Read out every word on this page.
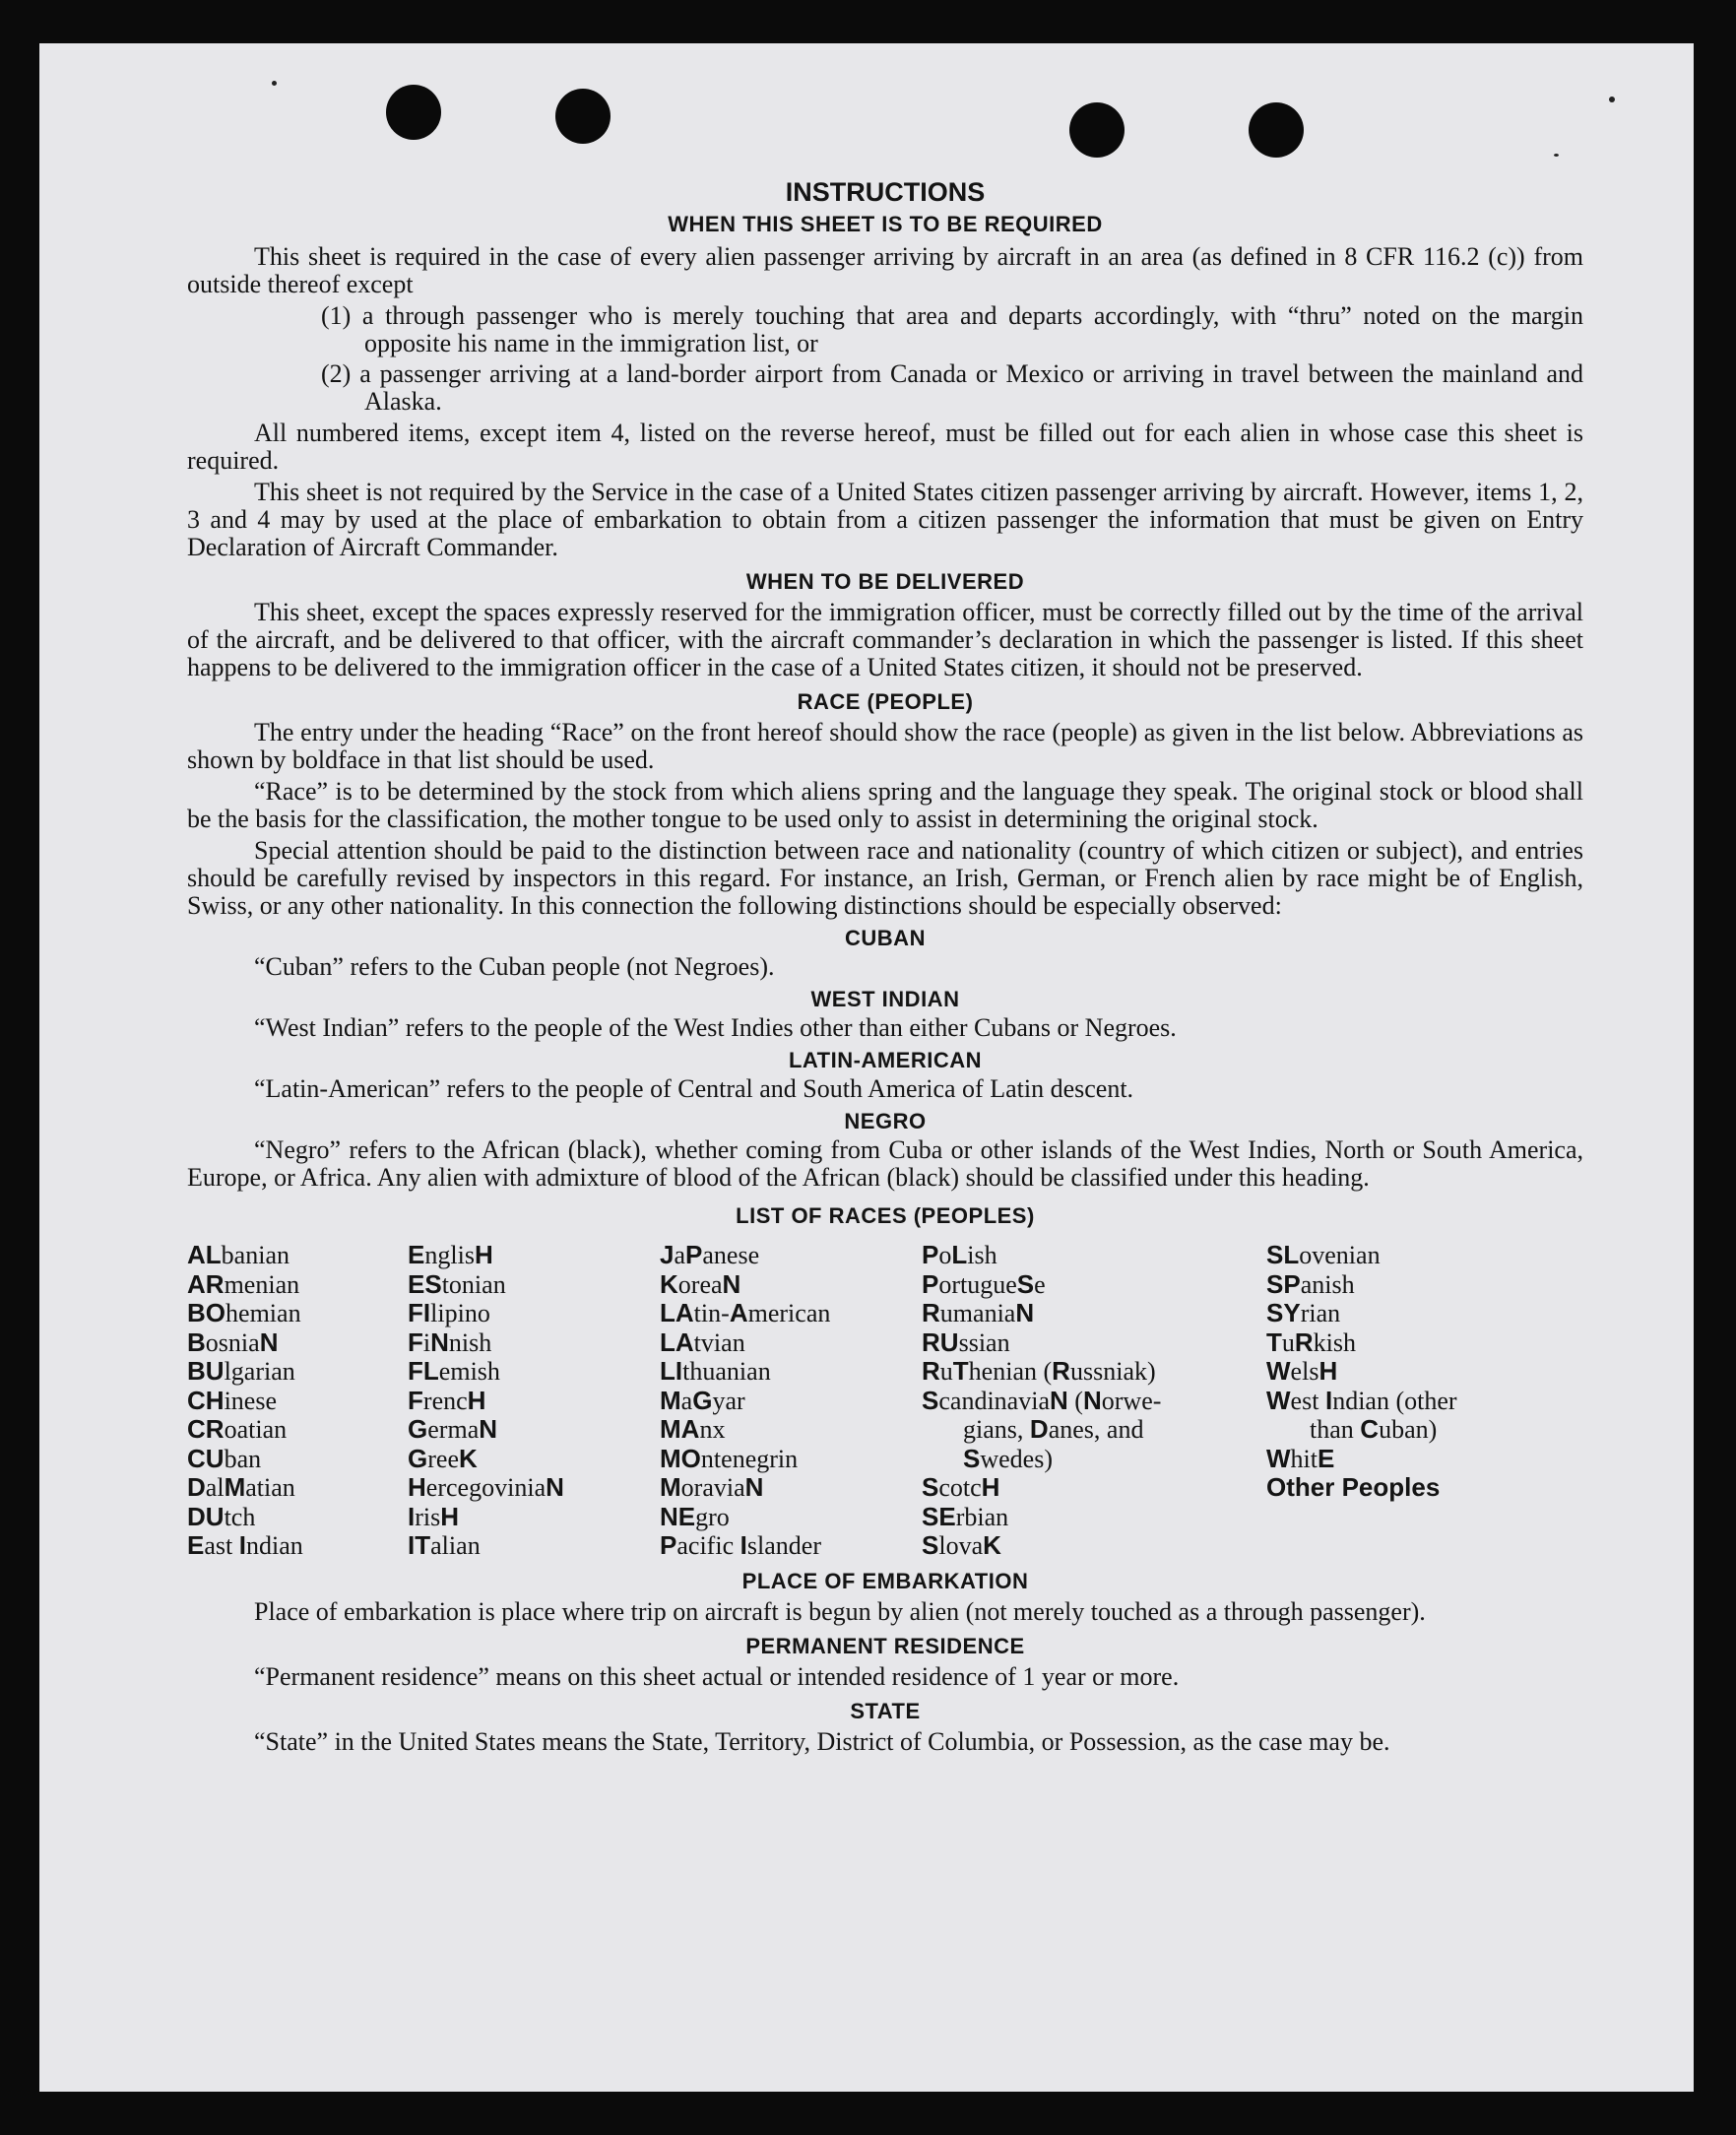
INSTRUCTIONS
WHEN THIS SHEET IS TO BE REQUIRED
This sheet is required in the case of every alien passenger arriving by aircraft in an area (as defined in 8 CFR 116.2 (c)) from outside thereof except
(1) a through passenger who is merely touching that area and departs accordingly, with “thru” noted on the margin opposite his name in the immigration list, or
(2) a passenger arriving at a land-border airport from Canada or Mexico or arriving in travel between the mainland and Alaska.
All numbered items, except item 4, listed on the reverse hereof, must be filled out for each alien in whose case this sheet is required.
This sheet is not required by the Service in the case of a United States citizen passenger arriving by aircraft. However, items 1, 2, 3 and 4 may by used at the place of embarkation to obtain from a citizen passenger the information that must be given on Entry Declaration of Aircraft Commander.
WHEN TO BE DELIVERED
This sheet, except the spaces expressly reserved for the immigration officer, must be correctly filled out by the time of the arrival of the aircraft, and be delivered to that officer, with the aircraft commander’s declaration in which the passenger is listed. If this sheet happens to be delivered to the immigration officer in the case of a United States citizen, it should not be preserved.
RACE (PEOPLE)
The entry under the heading “Race” on the front hereof should show the race (people) as given in the list below. Abbreviations as shown by boldface in that list should be used.
“Race” is to be determined by the stock from which aliens spring and the language they speak. The original stock or blood shall be the basis for the classification, the mother tongue to be used only to assist in determining the original stock.
Special attention should be paid to the distinction between race and nationality (country of which citizen or subject), and entries should be carefully revised by inspectors in this regard. For instance, an Irish, German, or French alien by race might be of English, Swiss, or any other nationality. In this connection the following distinctions should be especially observed:
CUBAN
“Cuban” refers to the Cuban people (not Negroes).
WEST INDIAN
“West Indian” refers to the people of the West Indies other than either Cubans or Negroes.
LATIN-AMERICAN
“Latin-American” refers to the people of Central and South America of Latin descent.
NEGRO
“Negro” refers to the African (black), whether coming from Cuba or other islands of the West Indies, North or South America, Europe, or Africa. Any alien with admixture of blood of the African (black) should be classified under this heading.
LIST OF RACES (PEOPLES)
ALbanian
ARmenian
BOhemian
BosniaN
BUlgarian
CHinese
CRoatian
CUban
DalMatian
DUtch
East Indian
EnglisH
EStonian
FIlipino
FiNnish
FLemish
FrencH
GermaN
GreeK
HercegoviniaN
IrisH
ITalian
JaPanese
KoreaN
LAtin-American
LAtvian
LIthuanian
MaGyar
MAnx
MOntenegrin
MoraviaN
NEgro
Pacific Islander
PoLish
PortugueSe
RumaniaN
RUssian
RuThenian (Russniak)
ScandinaviaN (Norwe-
gians, Danes, and
Swedes)
ScotcH
SErbian
SlovaK
SLovenian
SPanish
SYrian
TuRkish
WelsH
West Indian (other
than Cuban)
WhitE
Other Peoples
PLACE OF EMBARKATION
Place of embarkation is place where trip on aircraft is begun by alien (not merely touched as a through passenger).
PERMANENT RESIDENCE
“Permanent residence” means on this sheet actual or intended residence of 1 year or more.
STATE
“State” in the United States means the State, Territory, District of Columbia, or Possession, as the case may be.
